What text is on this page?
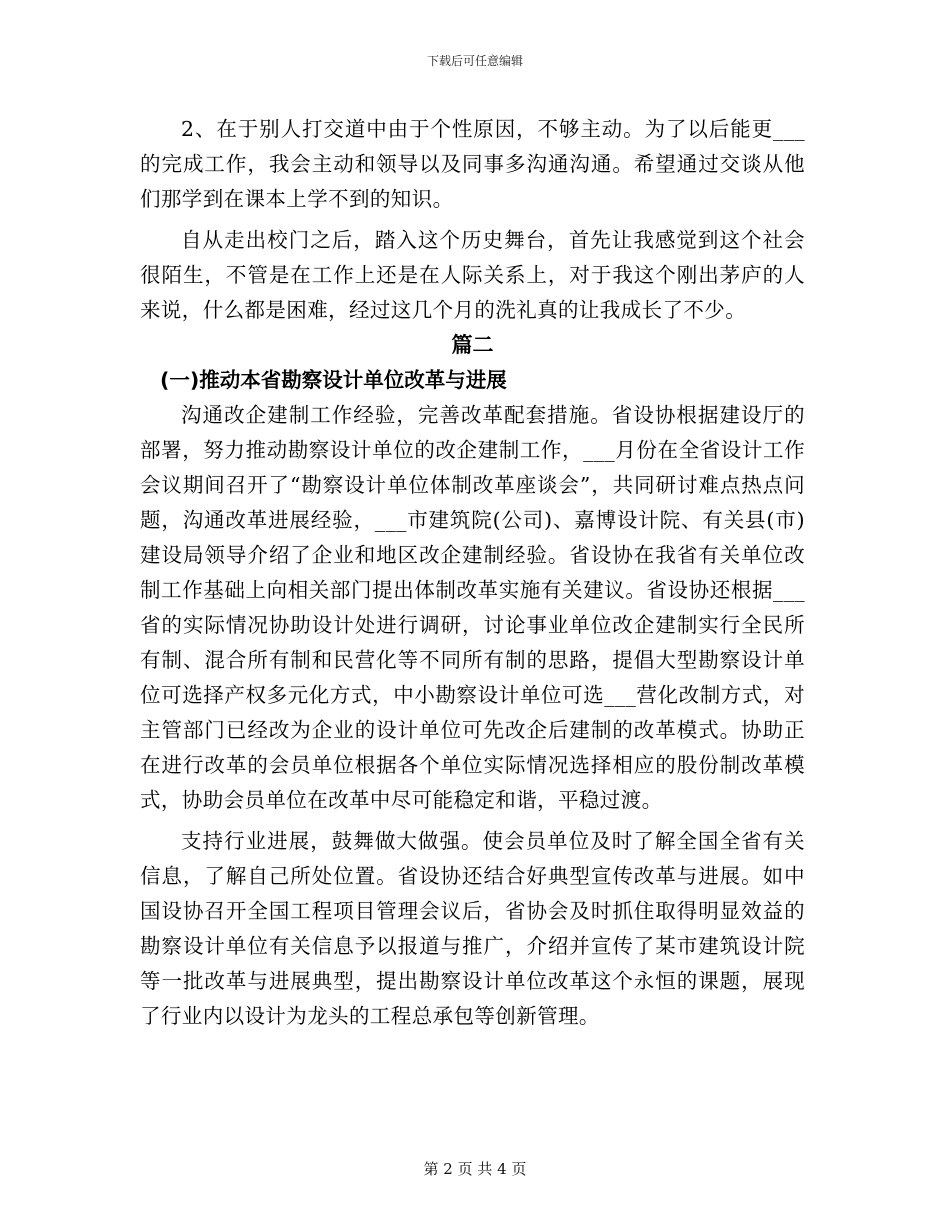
下载后可任意编辑

2、在于别人打交道中由于个性原因，不够主动。为了以后能更___的完成工作，我会主动和领导以及同事多沟通沟通。希望通过交谈从他们那学到在课本上学不到的知识。

自从走出校门之后，踏入这个历史舞台，首先让我感觉到这个社会很陌生，不管是在工作上还是在人际关系上，对于我这个刚出茅庐的人来说，什么都是困难，经过这几个月的洗礼真的让我成长了不少。

篇二
(一)推动本省勘察设计单位改革与进展

沟通改企建制工作经验，完善改革配套措施。省设协根据建设厅的部署，努力推动勘察设计单位的改企建制工作，___月份在全省设计工作会议期间召开了“勘察设计单位体制改革座谈会”，共同研讨难点热点问题，沟通改革进展经验，___市建筑院(公司)、嘉博设计院、有关县(市)建设局领导介绍了企业和地区改企建制经验。省设协在我省有关单位改制工作基础上向相关部门提出体制改革实施有关建议。省设协还根据___省的实际情况协助设计处进行调研，讨论事业单位改企建制实行全民所有制、混合所有制和民营化等不同所有制的思路，提倡大型勘察设计单位可选择产权多元化方式，中小勘察设计单位可选___营化改制方式，对主管部门已经改为企业的设计单位可先改企后建制的改革模式。协助正在进行改革的会员单位根据各个单位实际情况选择相应的股份制改革模式，协助会员单位在改革中尽可能稳定和谐，平稳过渡。

支持行业进展，鼓舞做大做强。使会员单位及时了解全国全省有关信息，了解自己所处位置。省设协还结合好典型宣传改革与进展。如中国设协召开全国工程项目管理会议后，省协会及时抓住取得明显效益的勘察设计单位有关信息予以报道与推广，介绍并宣传了某市建筑设计院等一批改革与进展典型，提出勘察设计单位改革这个永恒的课题，展现了行业内以设计为龙头的工程总承包等创新管理。

第 2 页 共 4 页
